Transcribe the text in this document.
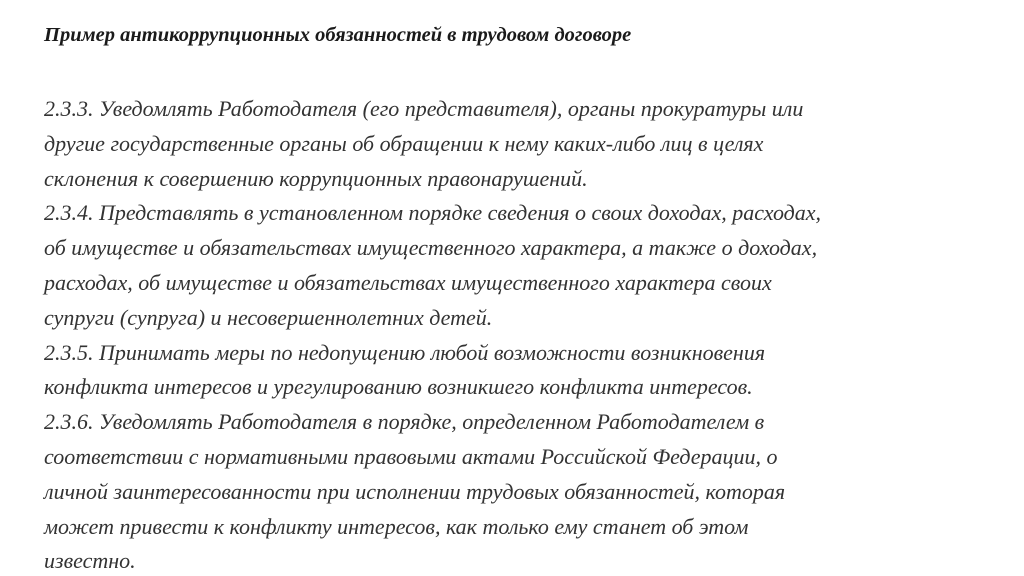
Пример антикоррупционных обязанностей в трудовом договоре

2.3.3. Уведомлять Работодателя (его представителя), органы прокуратуры или

другие государственные органы об обращении к нему каких-либо лиц в целях

склонения к совершению коррупционных правонарушений.

2.3.4. Представлять в установленном порядке сведения о своих доходах, расходах,

об имуществе и обязательствах имущественного характера, а также о доходах,

расходах, об имуществе и обязательствах имущественного характера своих

супруги (супруга) и несовершеннолетних детей.

2.3.5. Принимать меры по недопущению любой возможности возникновения

конфликта интересов и урегулированию возникшего конфликта интересов.

2.3.6. Уведомлять Работодателя в порядке, определенном Работодателем в

соответствии с нормативными правовыми актами Российской Федерации, о

личной заинтересованности при исполнении трудовых обязанностей, которая

может привести к конфликту интересов, как только ему станет об этом

известно.
